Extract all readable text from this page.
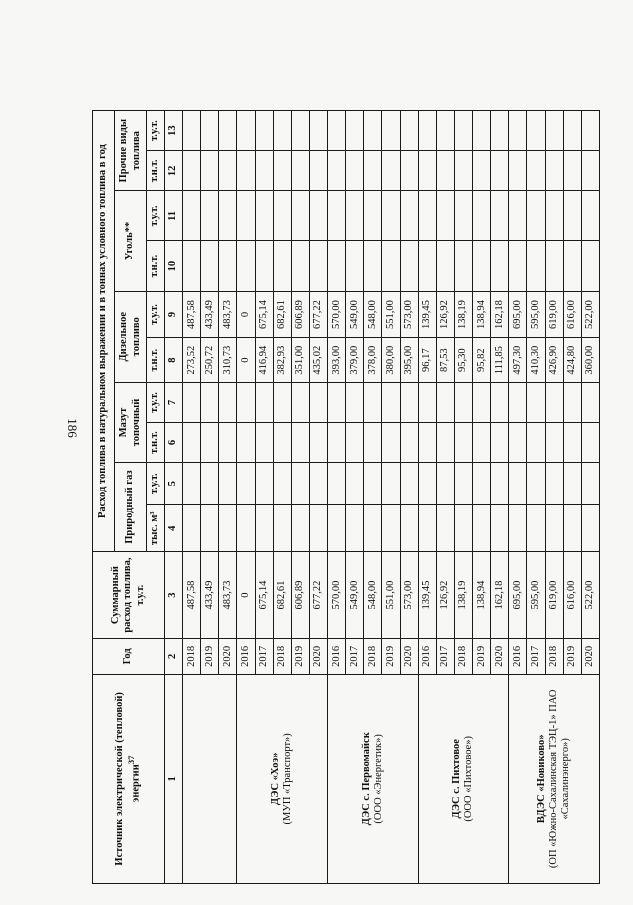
186
Источник электрической (тепловой) энергии$^{37}$	Год	Суммарный расход топлива, т.у.т.	Расход топлива в натуральном выражении и в тоннах условного топлива в год									
			Природный газ		Мазут топочный		Дизельное топливо		Уголь**		Прочие виды топлива	
			тыс. м³	т.у.т.	т.н.т.	т.у.т.	т.н.т.	т.у.т.	т.н.т.	т.у.т.	т.н.т.	т.у.т.
1	2	3	4	5	6	7	8	9	10	11	12	13

	2018	487,58					273,52	487,58				
	2019	433,49					250,72	433,49				
	2020	483,73					310,73	483,73				

ДЭС «Хоэ» (МУП «Транспорт»)	2016	0					0	0				
	2017	675,14					416,94	675,14				
	2018	682,61					382,93	682,61				
	2019	606,89					351,00	606,89				
	2020	677,22					435,02	677,22				

ДЭС с. Первомайск (ООО «Энергетик»)	2016	570,00					393,00	570,00				
	2017	549,00					379,00	549,00				
	2018	548,00					378,00	548,00				
	2019	551,00					380,00	551,00				
	2020	573,00					395,00	573,00				

ДЭС с. Пихтовое (ООО «Пихтовое»)	2016	139,45					96,17	139,45				
	2017	126,92					87,53	126,92				
	2018	138,19					95,30	138,19				
	2019	138,94					95,82	138,94				
	2020	162,18					111,85	162,18				

ВДЭС «Новиково» (ОП «Южно-Сахалинская ТЭЦ-1» ПАО «Сахалинэнерго»)	2016	695,00					497,30	695,00				
	2017	595,00					410,30	595,00				
	2018	619,00					426,90	619,00				
	2019	616,00					424,80	616,00				
	2020	522,00					360,00	522,00				
